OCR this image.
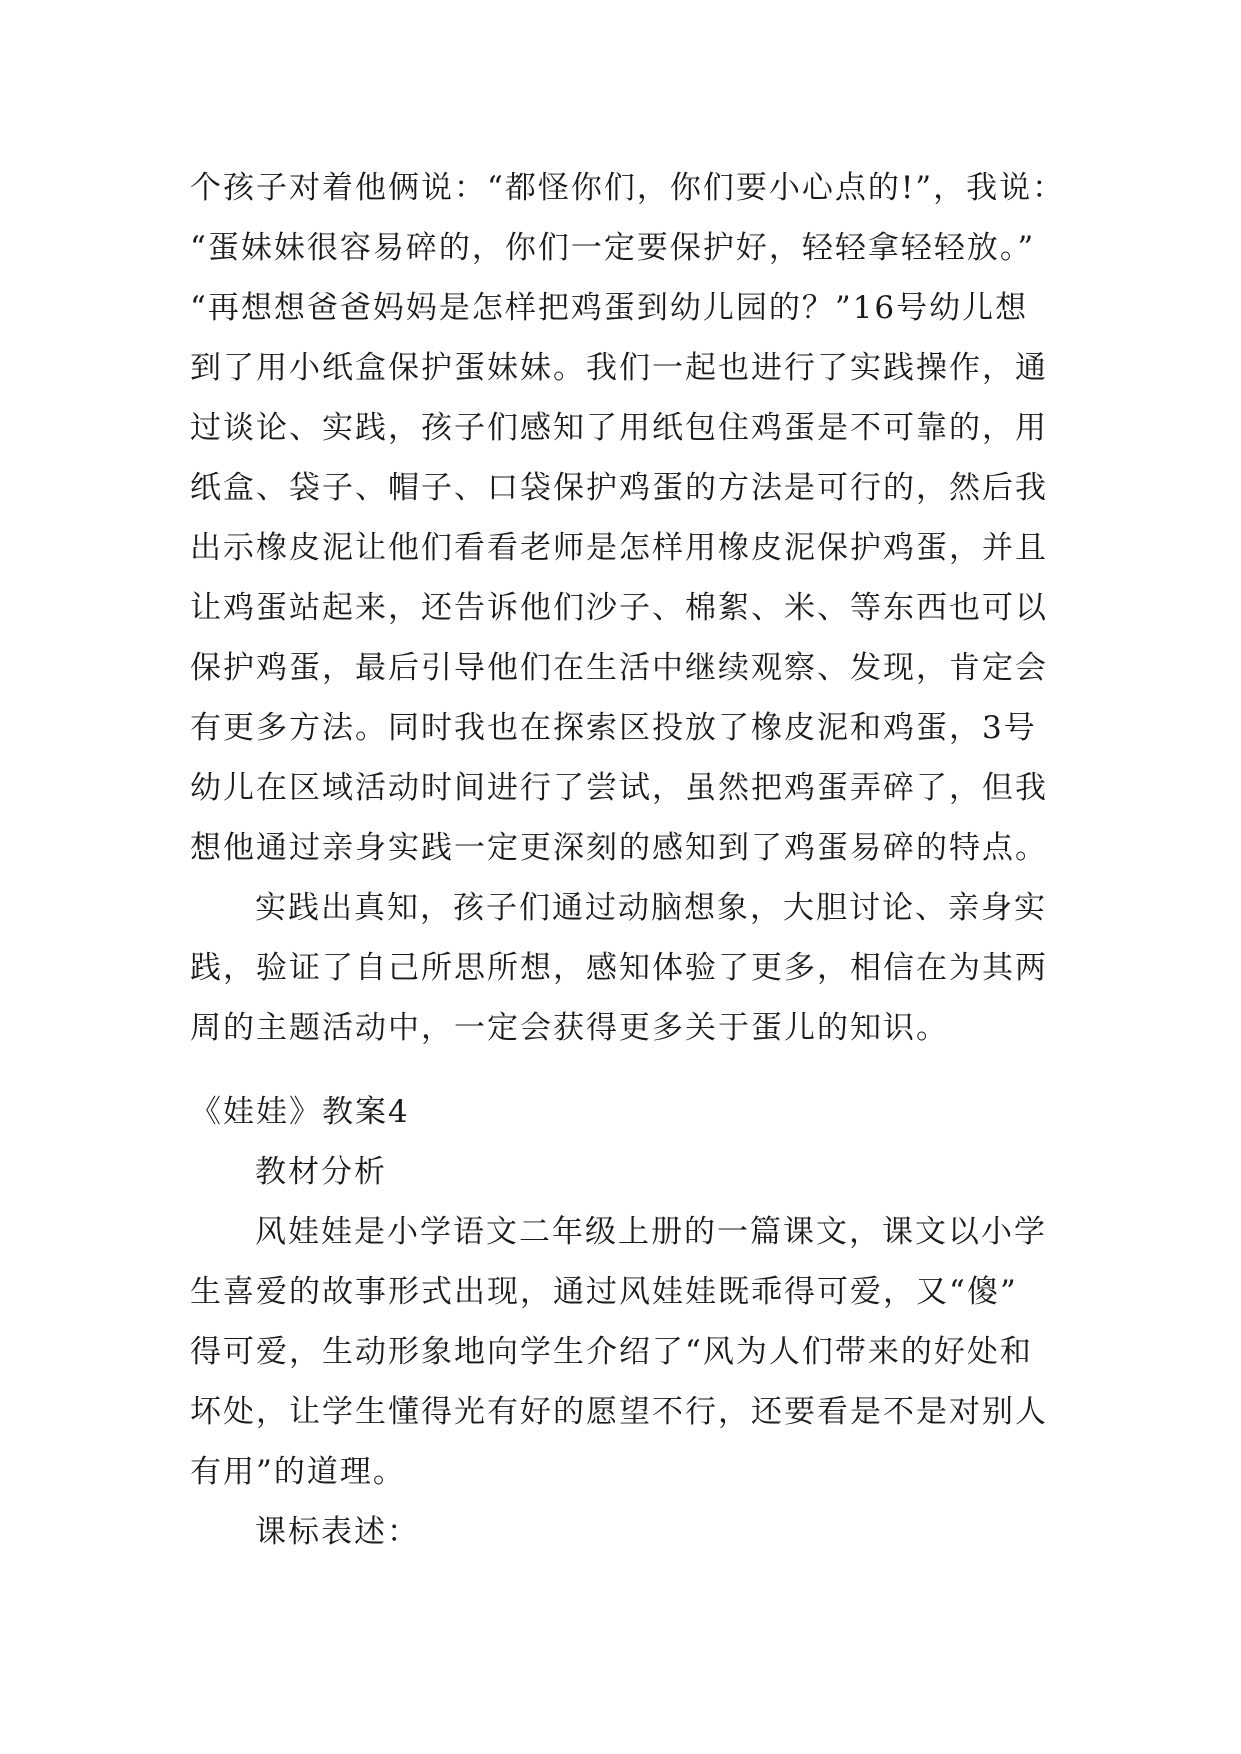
个孩子对着他俩说：“都怪你们，你们要小心点的!”，我说：
“蛋妹妹很容易碎的，你们一定要保护好，轻轻拿轻轻放。”
“再想想爸爸妈妈是怎样把鸡蛋到幼儿园的？”16号幼儿想
到了用小纸盒保护蛋妹妹。我们一起也进行了实践操作，通
过谈论、实践，孩子们感知了用纸包住鸡蛋是不可靠的，用
纸盒、袋子、帽子、口袋保护鸡蛋的方法是可行的，然后我
出示橡皮泥让他们看看老师是怎样用橡皮泥保护鸡蛋，并且
让鸡蛋站起来，还告诉他们沙子、棉絮、米、等东西也可以
保护鸡蛋，最后引导他们在生活中继续观察、发现，肯定会
有更多方法。同时我也在探索区投放了橡皮泥和鸡蛋，3号
幼儿在区域活动时间进行了尝试，虽然把鸡蛋弄碎了，但我
想他通过亲身实践一定更深刻的感知到了鸡蛋易碎的特点。
实践出真知，孩子们通过动脑想象，大胆讨论、亲身实
践，验证了自己所思所想，感知体验了更多，相信在为其两
周的主题活动中，一定会获得更多关于蛋儿的知识。
《娃娃》教案4
教材分析
风娃娃是小学语文二年级上册的一篇课文，课文以小学
生喜爱的故事形式出现，通过风娃娃既乖得可爱，又“傻”
得可爱，生动形象地向学生介绍了“风为人们带来的好处和
坏处，让学生懂得光有好的愿望不行，还要看是不是对别人
有用”的道理。
课标表述：
